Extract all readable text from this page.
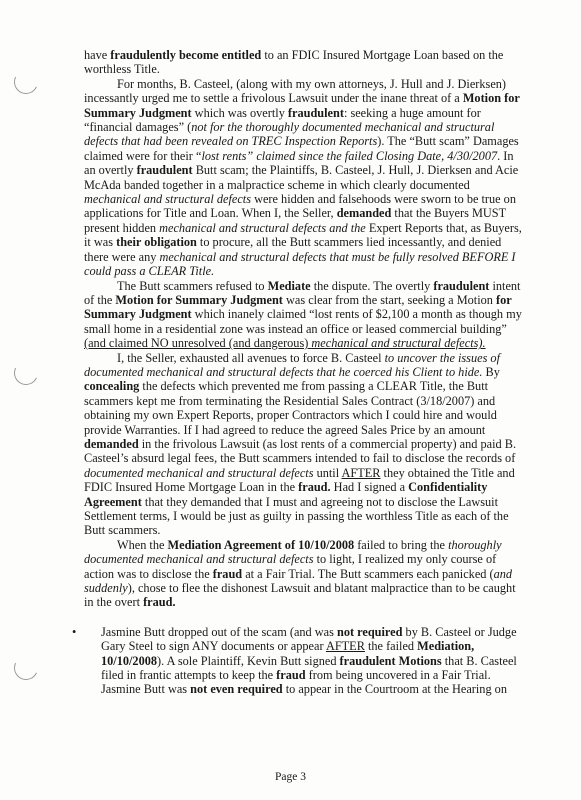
have fraudulently become entitled to an FDIC Insured Mortgage Loan based on the worthless Title.

For months, B. Casteel, (along with my own attorneys, J. Hull and J. Dierksen) incessantly urged me to settle a frivolous Lawsuit under the inane threat of a Motion for Summary Judgment which was overtly fraudulent: seeking a huge amount for “financial damages” (not for the thoroughly documented mechanical and structural defects that had been revealed on TREC Inspection Reports). The “Butt scam” Damages claimed were for their “lost rents” claimed since the failed Closing Date, 4/30/2007. In an overtly fraudulent Butt scam; the Plaintiffs, B. Casteel, J. Hull, J. Dierksen and Acie McAda banded together in a malpractice scheme in which clearly documented mechanical and structural defects were hidden and falsehoods were sworn to be true on applications for Title and Loan. When I, the Seller, demanded that the Buyers MUST present hidden mechanical and structural defects and the Expert Reports that, as Buyers, it was their obligation to procure, all the Butt scammers lied incessantly, and denied there were any mechanical and structural defects that must be fully resolved BEFORE I could pass a CLEAR Title.

The Butt scammers refused to Mediate the dispute. The overtly fraudulent intent of the Motion for Summary Judgment was clear from the start, seeking a Motion for Summary Judgment which inanely claimed “lost rents of $2,100 a month as though my small home in a residential zone was instead an office or leased commercial building” (and claimed NO unresolved (and dangerous) mechanical and structural defects).

I, the Seller, exhausted all avenues to force B. Casteel to uncover the issues of documented mechanical and structural defects that he coerced his Client to hide. By concealing the defects which prevented me from passing a CLEAR Title, the Butt scammers kept me from terminating the Residential Sales Contract (3/18/2007) and obtaining my own Expert Reports, proper Contractors which I could hire and would provide Warranties. If I had agreed to reduce the agreed Sales Price by an amount demanded in the frivolous Lawsuit (as lost rents of a commercial property) and paid B. Casteel’s absurd legal fees, the Butt scammers intended to fail to disclose the records of documented mechanical and structural defects until AFTER they obtained the Title and FDIC Insured Home Mortgage Loan in the fraud. Had I signed a Confidentiality Agreement that they demanded that I must and agreeing not to disclose the Lawsuit Settlement terms, I would be just as guilty in passing the worthless Title as each of the Butt scammers.

When the Mediation Agreement of 10/10/2008 failed to bring the thoroughly documented mechanical and structural defects to light, I realized my only course of action was to disclose the fraud at a Fair Trial. The Butt scammers each panicked (and suddenly), chose to flee the dishonest Lawsuit and blatant malpractice than to be caught in the overt fraud.

• Jasmine Butt dropped out of the scam (and was not required by B. Casteel or Judge Gary Steel to sign ANY documents or appear AFTER the failed Mediation, 10/10/2008). A sole Plaintiff, Kevin Butt signed fraudulent Motions that B. Casteel filed in frantic attempts to keep the fraud from being uncovered in a Fair Trial. Jasmine Butt was not even required to appear in the Courtroom at the Hearing on
Page 3
